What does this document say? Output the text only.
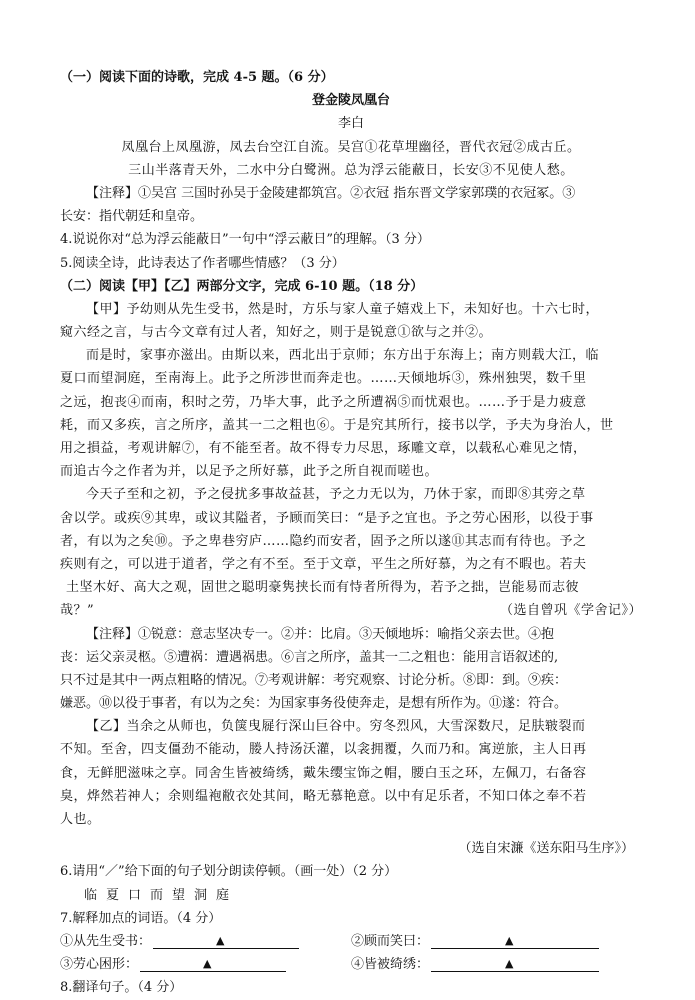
（一）阅读下面的诗歌，完成 4-5 题。（6 分）
登金陵凤凰台
李白
凤凰台上凤凰游，凤去台空江自流。吴宫①花草埋幽径，晋代衣冠②成古丘。
三山半落青天外，二水中分白鹭洲。总为浮云能蔽日，长安③不见使人愁。
【注释】①吴宫 三国时孙吴于金陵建都筑宫。②衣冠 指东晋文学家郭璞的衣冠冢。③
长安：指代朝廷和皇帝。
4.说说你对“总为浮云能蔽日”一句中“浮云蔽日”的理解。（3 分）
5.阅读全诗，此诗表达了作者哪些情感？（3 分）
（二）阅读【甲】【乙】两部分文字，完成 6-10 题。（18 分）
【甲】予幼则从先生受书，然是时，方乐与家人童子嬉戏上下，未知好也。十六七时，
窥六经之言，与古今文章有过人者，知好之，则于是锐意①欲与之并②。
而是时，家事亦滋出。由斯以来，西北出于京师；东方出于东海上；南方则载大江，临
夏口而望洞庭，至南海上。此予之所涉世而奔走也。……天倾地坼③，殊州独哭，数千里
之远，抱丧④而南，积时之劳，乃毕大事，此予之所遭祸⑤而忧艰也。……予于是力疲意
耗，而又多疾，言之所序，盖其一二之粗也⑥。于是究其所行，接书以学，予夫为身治人，世
用之損益，考观讲解⑦，有不能至者。故不得专力尽思，琢雕文章，以载私心难见之情，
而追古今之作者为并，以足予之所好慕，此予之所自视而嗟也。
今天子至和之初，予之侵扰多事故益甚，予之力无以为，乃休于家，而即⑧其旁之草
舍以学。或疾⑨其卑，或议其隘者，予顾而笑曰：“是予之宜也。予之劳心困形，以役于事
者，有以为之矣⑩。予之卑巷穷庐……隐约而安者，固予之所以遂⑪其志而有待也。予之
疾则有之，可以进于道者，学之有不至。至于文章，平生之所好慕，为之有不暇也。若夫
土坚木好、高大之观，固世之聪明豪隽挟长而有恃者所得为，若予之拙，岂能易而志彼
哉？”	（选自曾巩《学舍记》）
【注释】①锐意：意志坚决专一。②并：比肩。③天倾地坼：喻指父亲去世。④抱
丧：运父亲灵柩。⑤遭祸：遭遇祸患。⑥言之所序，盖其一二之粗也：能用言语叙述的,
只不过是其中一两点粗略的情况。⑦考观讲解：考究观察、讨论分析。⑧即：到。⑨疾：
嫌恶。⑩以役于事者，有以为之矣：为国家事务役使奔走，是想有所作为。⑪遂：符合。
【乙】当余之从师也，负箧曳屣行深山巨谷中。穷冬烈风，大雪深数尺，足肤皲裂而
不知。至舍，四支僵劲不能动，媵人持汤沃灌，以衾拥覆，久而乃和。寓逆旅，主人日再
食，无鲜肥滋味之享。同舍生皆被绮绣，戴朱缨宝饰之帽，腰白玉之环，左佩刀，右备容
臭，烨然若神人；余则缊袍敝衣处其间，略无慕艳意。以中有足乐者，不知口体之奉不若
人也。
（选自宋濂《送东阳马生序》）
6.请用“／”给下面的句子划分朗读停顿。（画一处）（2 分）
临夏口而望洞庭
7.解释加点的词语。（4 分）
①从先生受书：	▲	②顾而笑曰：	▲
③劳心困形：	▲	④皆被绮绣：	▲
8.翻译句子。（4 分）
